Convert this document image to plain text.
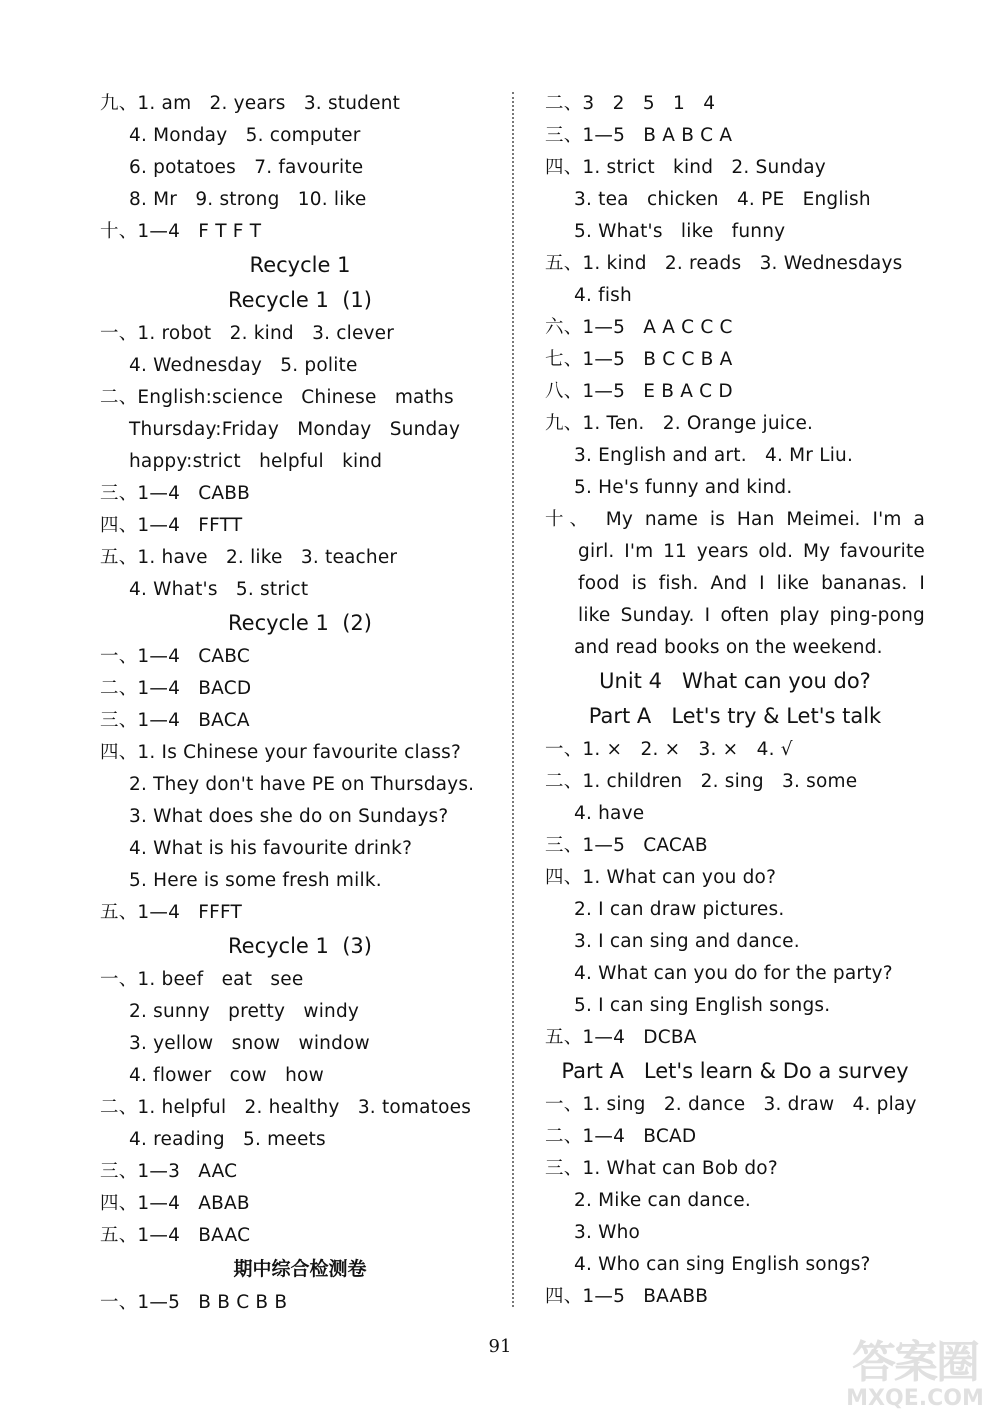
九、1. am   2. years   3. student
4. Monday   5. computer
6. potatoes   7. favourite
8. Mr   9. strong   10. like
十、1—4   F T F T
Recycle 1
Recycle 1  (1)
一、1. robot   2. kind   3. clever
4. Wednesday   5. polite
二、English:science   Chinese   maths
Thursday:Friday   Monday   Sunday
happy:strict   helpful   kind
三、1—4   CABB
四、1—4   FFTT
五、1. have   2. like   3. teacher
4. What's   5. strict
Recycle 1  (2)
一、1—4   CABC
二、1—4   BACD
三、1—4   BACA
四、1. Is Chinese your favourite class?
2. They don't have PE on Thursdays.
3. What does she do on Sundays?
4. What is his favourite drink?
5. Here is some fresh milk.
五、1—4   FFFT
Recycle 1  (3)
一、1. beef   eat   see
2. sunny   pretty   windy
3. yellow   snow   window
4. flower   cow   how
二、1. helpful   2. healthy   3. tomatoes
4. reading   5. meets
三、1—3   AAC
四、1—4   ABAB
五、1—4   BAAC
期中综合检测卷
一、1—5   B B C B B
二、3   2   5   1   4
三、1—5   B A B C A
四、1. strict   kind   2. Sunday
3. tea   chicken   4. PE   English
5. What's   like   funny
五、1. kind   2. reads   3. Wednesdays
4. fish
六、1—5   A A C C C
七、1—5   B C C B A
八、1—5   E B A C D
九、1. Ten.   2. Orange juice.
3. English and art.   4. Mr Liu.
5. He's funny and kind.
十、 My name is Han Meimei. I'm a
girl. I'm 11 years old. My favourite
food is fish. And I like bananas. I
like Sunday. I often play ping-pong
and read books on the weekend.
Unit 4   What can you do?
Part A   Let's try & Let's talk
一、1. ×   2. ×   3. ×   4. √
二、1. children   2. sing   3. some
4. have
三、1—5   CACAB
四、1. What can you do?
2. I can draw pictures.
3. I can sing and dance.
4. What can you do for the party?
5. I can sing English songs.
五、1—4   DCBA
Part A   Let's learn & Do a survey
一、1. sing   2. dance   3. draw   4. play
二、1—4   BCAD
三、1. What can Bob do?
2. Mike can dance.
3. Who
4. Who can sing English songs?
四、1—5   BAABB
91	答案圈
MXQE.COM
